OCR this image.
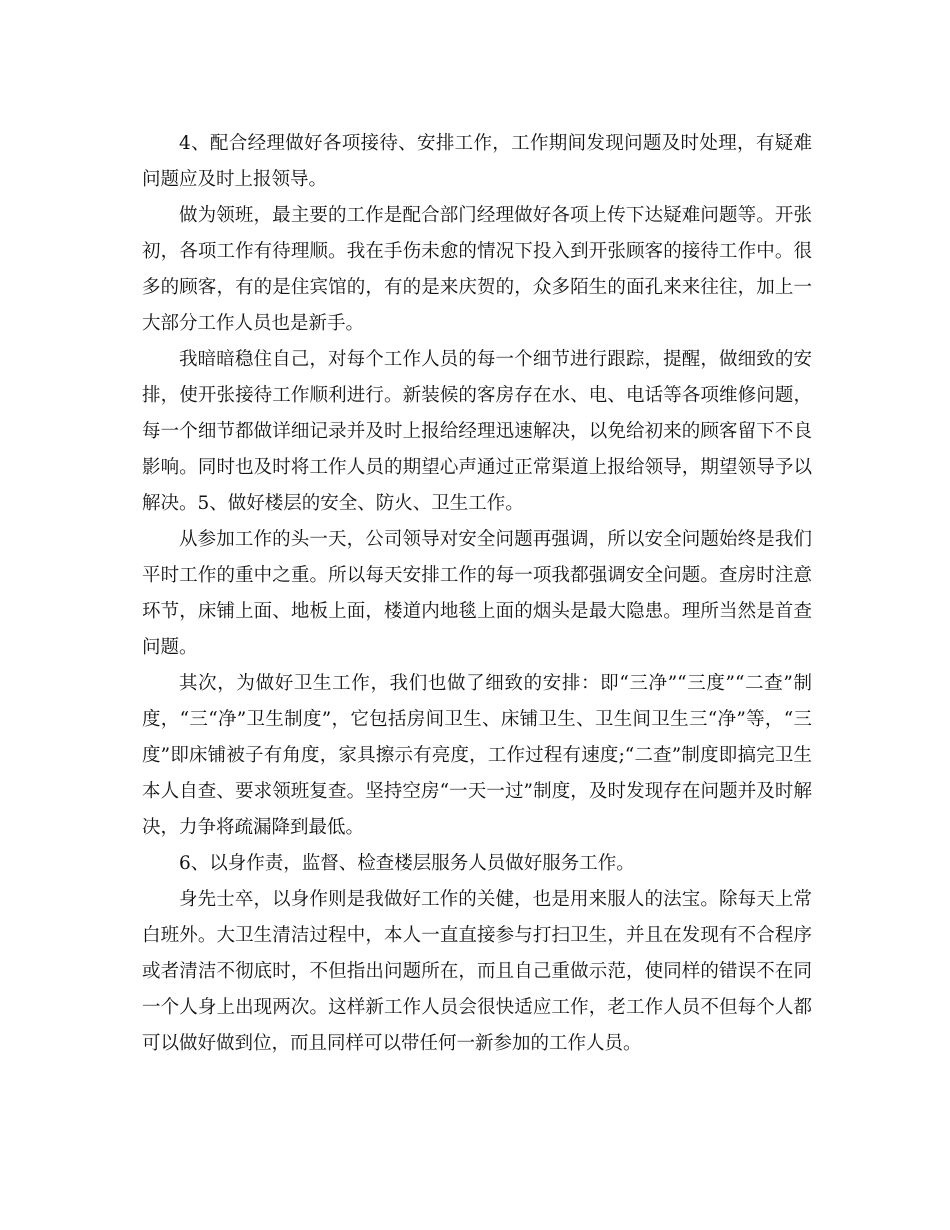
4、配合经理做好各项接待、安排工作，工作期间发现问题及时处理，有疑难问题应及时上报领导。

做为领班，最主要的工作是配合部门经理做好各项上传下达疑难问题等。开张初，各项工作有待理顺。我在手伤未愈的情况下投入到开张顾客的接待工作中。很多的顾客，有的是住宾馆的，有的是来庆贺的，众多陌生的面孔来来往往，加上一大部分工作人员也是新手。

我暗暗稳住自己，对每个工作人员的每一个细节进行跟踪，提醒，做细致的安排，使开张接待工作顺利进行。新装候的客房存在水、电、电话等各项维修问题，每一个细节都做详细记录并及时上报给经理迅速解决，以免给初来的顾客留下不良影响。同时也及时将工作人员的期望心声通过正常渠道上报给领导，期望领导予以解决。5、做好楼层的安全、防火、卫生工作。

从参加工作的头一天，公司领导对安全问题再强调，所以安全问题始终是我们平时工作的重中之重。所以每天安排工作的每一项我都强调安全问题。查房时注意环节，床铺上面、地板上面，楼道内地毯上面的烟头是最大隐患。理所当然是首查问题。

其次，为做好卫生工作，我们也做了细致的安排：即“三净”“三度”“二查”制度，“三“净”卫生制度”，它包括房间卫生、床铺卫生、卫生间卫生三“净”等，“三度”即床铺被子有角度，家具擦示有亮度，工作过程有速度;“二查”制度即搞完卫生本人自查、要求领班复查。坚持空房“一天一过”制度，及时发现存在问题并及时解决，力争将疏漏降到最低。

6、以身作责，监督、检查楼层服务人员做好服务工作。

身先士卒，以身作则是我做好工作的关健，也是用来服人的法宝。除每天上常白班外。大卫生清洁过程中，本人一直直接参与打扫卫生，并且在发现有不合程序或者清洁不彻底时，不但指出问题所在，而且自己重做示范，使同样的错误不在同一个人身上出现两次。这样新工作人员会很快适应工作，老工作人员不但每个人都可以做好做到位，而且同样可以带任何一新参加的工作人员。
